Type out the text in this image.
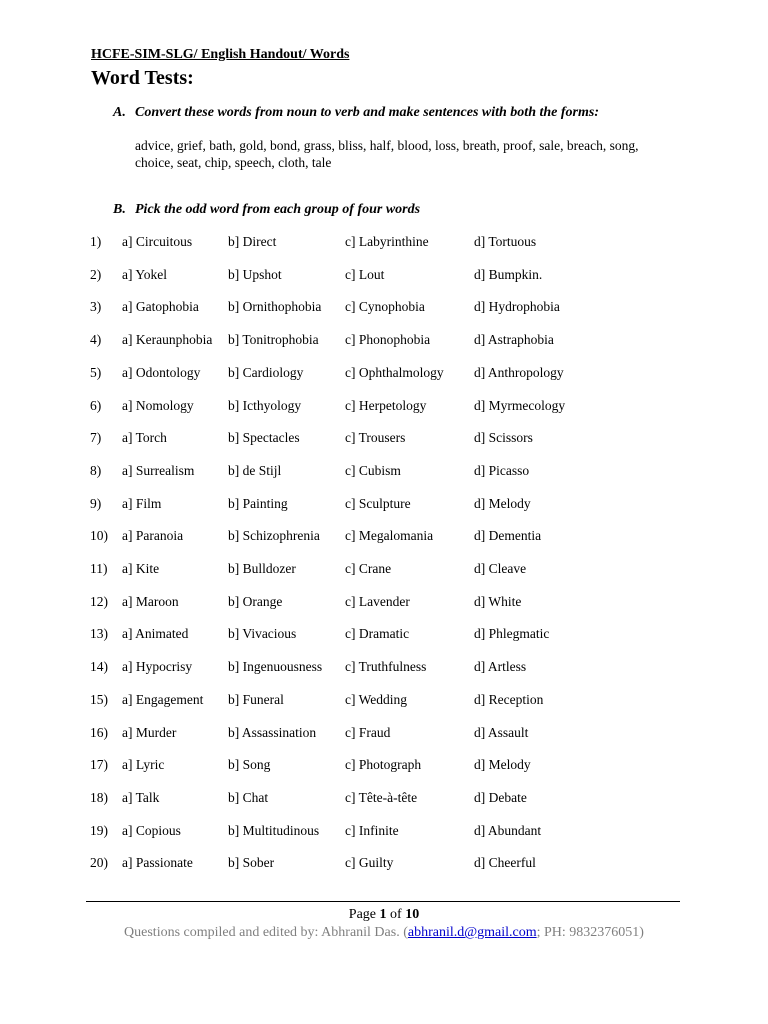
HCFE-SIM-SLG/ English Handout/ Words
Word Tests:
A. Convert these words from noun to verb and make sentences with both the forms:
advice, grief, bath, gold, bond, grass, bliss, half, blood, loss, breath, proof, sale, breach, song, choice, seat, chip, speech, cloth, tale
B. Pick the odd word from each group of four words
1) a] Circuitous	b] Direct	c] Labyrinthine	d] Tortuous
2) a] Yokel	b] Upshot	c] Lout	d] Bumpkin.
3) a] Gatophobia b] Ornithophobia c] Cynophobia	d] Hydrophobia
4) a] Keraunphobia b] Tonitrophobia c] Phonophobia	d] Astraphobia
5) a] Odontology b] Cardiology	c] Ophthalmology d] Anthropology
6) a] Nomology	b] Icthyology	c] Herpetology	d] Myrmecology
7) a] Torch	b] Spectacles	c] Trousers	d] Scissors
8) a] Surrealism b] de Stijl	c] Cubism	d] Picasso
9) a] Film	b] Painting	c] Sculpture	d] Melody
10) a] Paranoia	b] Schizophrenia c] Megalomania	d] Dementia
11) a] Kite	b] Bulldozer	c] Crane	d] Cleave
12) a] Maroon	b] Orange	c] Lavender	d] White
13) a] Animated	b] Vivacious	c] Dramatic	d] Phlegmatic
14) a] Hypocrisy	b] Ingenuousness c] Truthfulness	d] Artless
15) a] Engagement b] Funeral	c] Wedding	d] Reception
16) a] Murder	b] Assassination c] Fraud	d] Assault
17) a] Lyric	b] Song	c] Photograph	d] Melody
18) a] Talk	b] Chat	c] Tête-à-tête	d] Debate
19) a] Copious	b] Multitudinous c] Infinite	d] Abundant
20) a] Passionate	b] Sober	c] Guilty	d] Cheerful
Page 1 of 10
Questions compiled and edited by: Abhranil Das. (abhranil.d@gmail.com; PH: 9832376051)
